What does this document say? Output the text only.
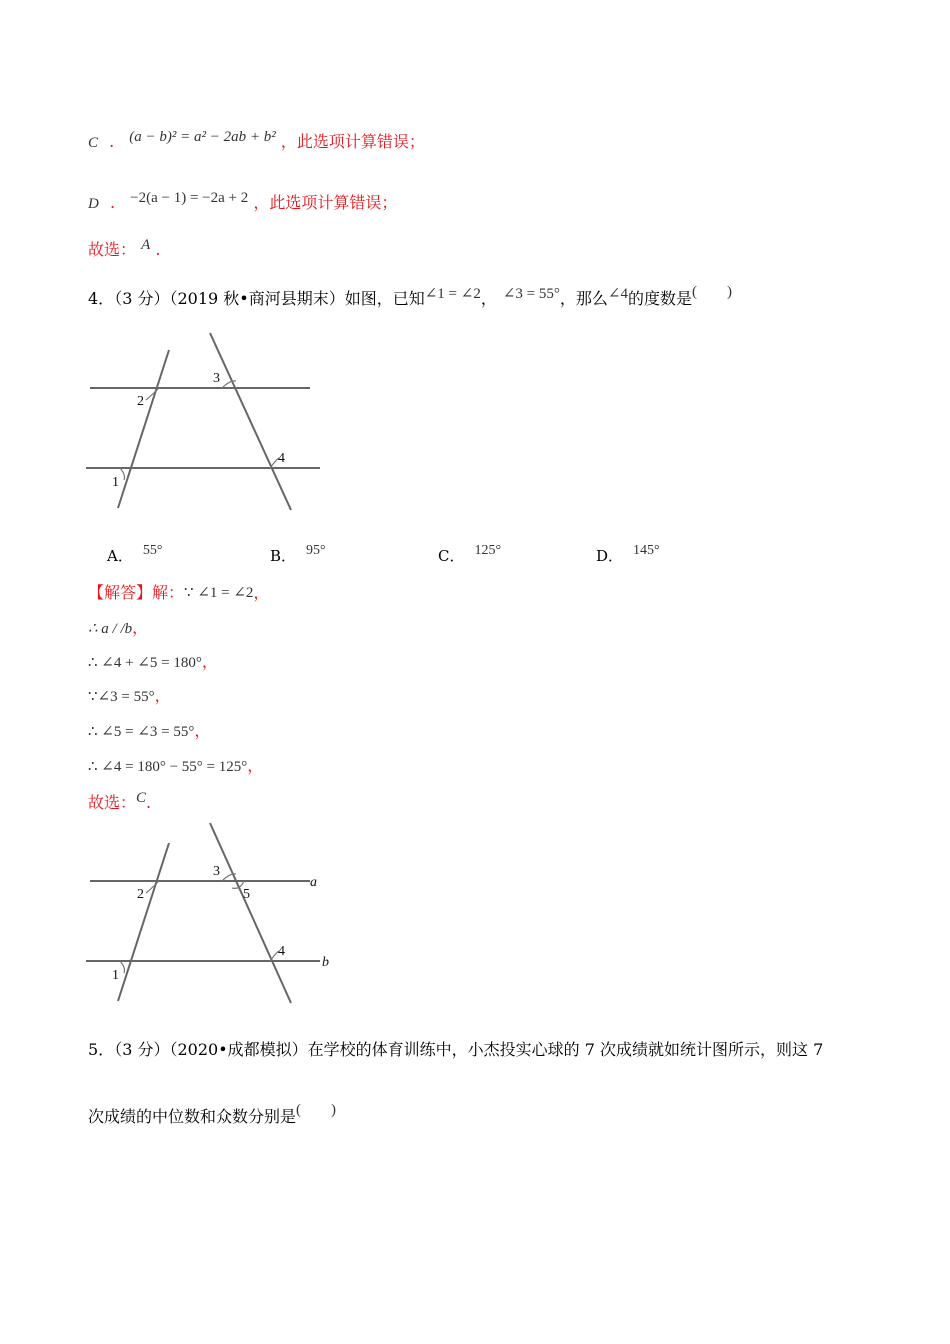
C . (a − b)² = a² − 2ab + b² ，此选项计算错误；
D . −2(a − 1) = −2a + 2 ，此选项计算错误；
故选： A .
4．（3 分）（2019 秋•商河县期末）如图，已知∠1 = ∠2， ∠3 = 55°，那么∠4的度数是(　　)
2
3
1
4
A． 55°	B． 95°	C． 125°	D． 145°
【解答】解：∵ ∠1 = ∠2，
∴ a / /b，
∴ ∠4 + ∠5 = 180°，
∵∠3 = 55°，
∴ ∠5 = ∠3 = 55°，
∴ ∠4 = 180° − 55° = 125°，
故选：C.
2
3
5
1
4
a
b
5．（3 分）（2020•成都模拟）在学校的体育训练中，小杰投实心球的 7 次成绩就如统计图所示，则这 7
次成绩的中位数和众数分别是(　　)
